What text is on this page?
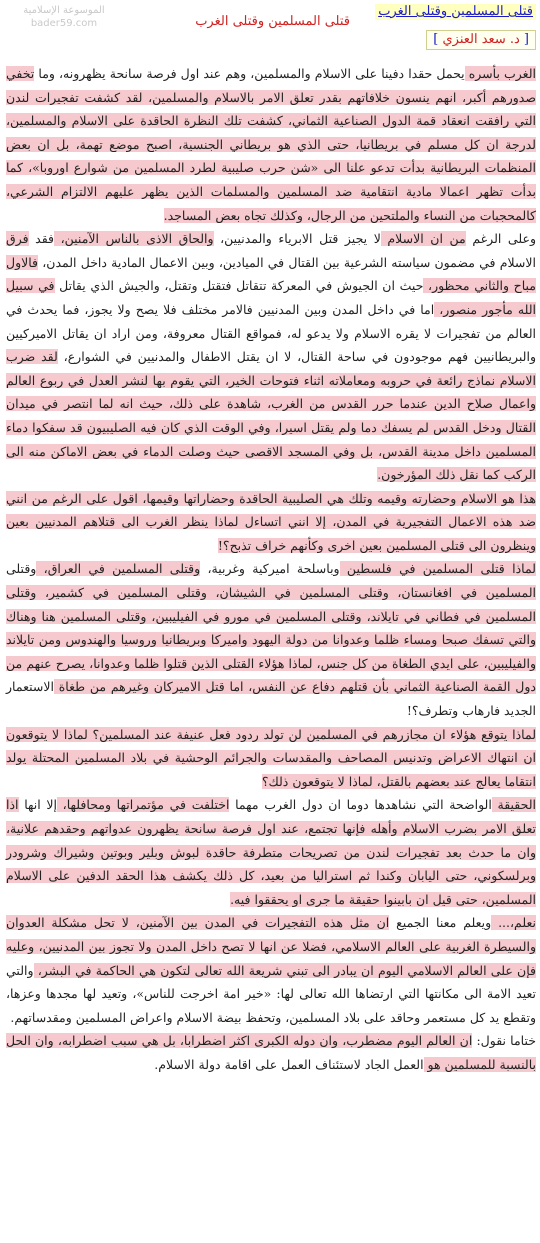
الموسوعة الإسلامية
bader59.com	قتلى المسلمين وقتلى الغرب
قتلى المسلمين وقتلى الغرب
[ د. سعد العنزي ]

الغرب بأسره يحمل حقدا دفينا على الاسلام والمسلمين، وهم عند اول فرصة سانحة يظهرونه، وما تخفي صدورهم أكبر، انهم ينسون خلافاتهم بقدر تعلق الامر بالاسلام والمسلمين، لقد كشفت تفجيرات لندن التي رافقت انعقاد قمة الدول الصناعية الثماني، كشفت تلك النظرة الحاقدة على الاسلام والمسلمين، لدرجة ان كل مسلم في بريطانيا، حتى الذي هو بريطاني الجنسية، اصبح موضع تهمة، بل ان بعض المنظمات البريطانية بدأت تدعو علنا الى «شن حرب صليبية لطرد المسلمين من شوارع اوروبا»، كما بدأت تظهر اعمالا مادية انتقامية ضد المسلمين والمسلمات الذين يظهر عليهم الالتزام الشرعي، كالمحجبات من النساء والملتحين من الرجال، وكذلك تجاه بعض المساجد.

وعلى الرغم من ان الاسلام لا يجيز قتل الابرياء والمدنيين، والحاق الاذى بالناس الآمنين، فقد فرق الاسلام في مضمون سياسته الشرعية بين القتال في الميادين، وبين الاعمال المادية داخل المدن، فالاول مباح والثاني محظور، حيث ان الجيوش في المعركة تتقاتل فتقتل وتقتل، والجيش الذي يقاتل في سبيل الله مأجور منصور، اما في داخل المدن وبين المدنيين فالامر مختلف فلا يصح ولا يجوز، فما يحدث في العالم من تفجيرات لا يقره الاسلام ولا يدعو له، فمواقع القتال معروفة، ومن اراد ان يقاتل الاميركيين والبريطانيين فهم موجودون في ساحة القتال، لا ان يقتل الاطفال والمدنيين في الشوارع، لقد ضرب الاسلام نماذج رائعة في حروبه ومعاملاته اثناء فتوحات الخير، التي يقوم بها لنشر العدل في ربوع العالم واعمال صلاح الدين عندما حرر القدس من الغرب، شاهدة على ذلك، حيث انه لما انتصر في ميدان القتال ودخل القدس لم يسفك دما ولم يقتل اسيرا، وفي الوقت الذي كان فيه الصليبيون قد سفكوا دماء المسلمين داخل مدينة القدس، بل وفي المسجد الاقصى حيث وصلت الدماء في بعض الاماكن منه الى الركب كما نقل ذلك المؤرخون.

هذا هو الاسلام وحضارته وقيمه وتلك هي الصليبية الحاقدة وحضاراتها وقيمها، اقول على الرغم من انني ضد هذه الاعمال التفجيرية في المدن، إلا انني اتساءل لماذا ينظر الغرب الى قتلاهم المدنيين بعين وينظرون الى قتلى المسلمين بعين اخرى وكأنهم خراف تذبح؟!

لماذا قتلى المسلمين في فلسطين وباسلحة اميركية وغربية، وقتلى المسلمين في العراق، وقتلى المسلمين في افغانستان، وقتلى المسلمين في الشيشان، وقتلى المسلمين في كشمير، وقتلى المسلمين في فطاني في تايلاند، وقتلى المسلمين في مورو في الفيليبين، وقتلى المسلمين هنا وهناك والتي تسفك صبحا ومساء ظلما وعدوانا من دولة اليهود واميركا وبريطانيا وروسيا والهندوس ومن تايلاند والفيليبين، على ايدي الطغاة من كل جنس، لماذا هؤلاء القتلى الذين قتلوا ظلما وعدوانا، يصرح عنهم من دول القمة الصناعية الثماني بأن قتلهم دفاع عن النفس، اما قتل الاميركان وغيرهم من طغاة الاستعمار الجديد فارهاب وتطرف؟!

لماذا يتوقع هؤلاء ان مجازرهم في المسلمين لن تولد ردود فعل عنيفة عند المسلمين؟ لماذا لا يتوقعون ان انتهاك الاعراض وتدنيس المصاحف والمقدسات والجرائم الوحشية في بلاد المسلمين المحتلة يولد انتقاما يعالج عند بعضهم بالقتل، لماذا لا يتوقعون ذلك؟

الحقيقة الواضحة التي نشاهدها دوما ان دول الغرب مهما اختلفت في مؤتمراتها ومحافلها، إلا انها اذا تعلق الامر بضرب الاسلام وأهله فإنها تجتمع، عند اول فرصة سانحة يظهرون عدواتهم وحقدهم علانية، وان ما حدث بعد تفجيرات لندن من تصريحات متطرفة حاقدة لبوش وبلير وبوتين وشيراك وشرودر وبرلسكوني، حتى اليابان وكندا ثم استراليا من بعيد، كل ذلك يكشف هذا الحقد الدفين على الاسلام المسلمين، حتى قيل ان بابينوا حقيقة ما جرى او يحققوا فيه.

نعلم،... ويعلم معنا الجميع ان مثل هذه التفجيرات في المدن بين الآمنين، لا تحل مشكلة العدوان والسيطرة الغربية على العالم الاسلامي، فضلا عن انها لا تصح داخل المدن ولا تجوز بين المدنيين، وعليه فإن على العالم الاسلامي اليوم ان يبادر الى تبني شريعة الله تعالى لتكون هي الحاكمة في البشر، والتي تعيد الامة الى مكانتها التي ارتضاها الله تعالى لها: «خير امة اخرجت للناس»، وتعيد لها مجدها وعزها، وتقطع يد كل مستعمر وحاقد على بلاد المسلمين، وتحفظ بيضة الاسلام واعراض المسلمين ومقدساتهم.

ختاما نقول: ان العالم اليوم مضطرب، وان دوله الكبرى اكثر اضطرابا، بل هي سبب اضطرابه، وان الحل بالنسبة للمسلمين هو العمل الجاد لاستئناف العمل على اقامة دولة الاسلام.
